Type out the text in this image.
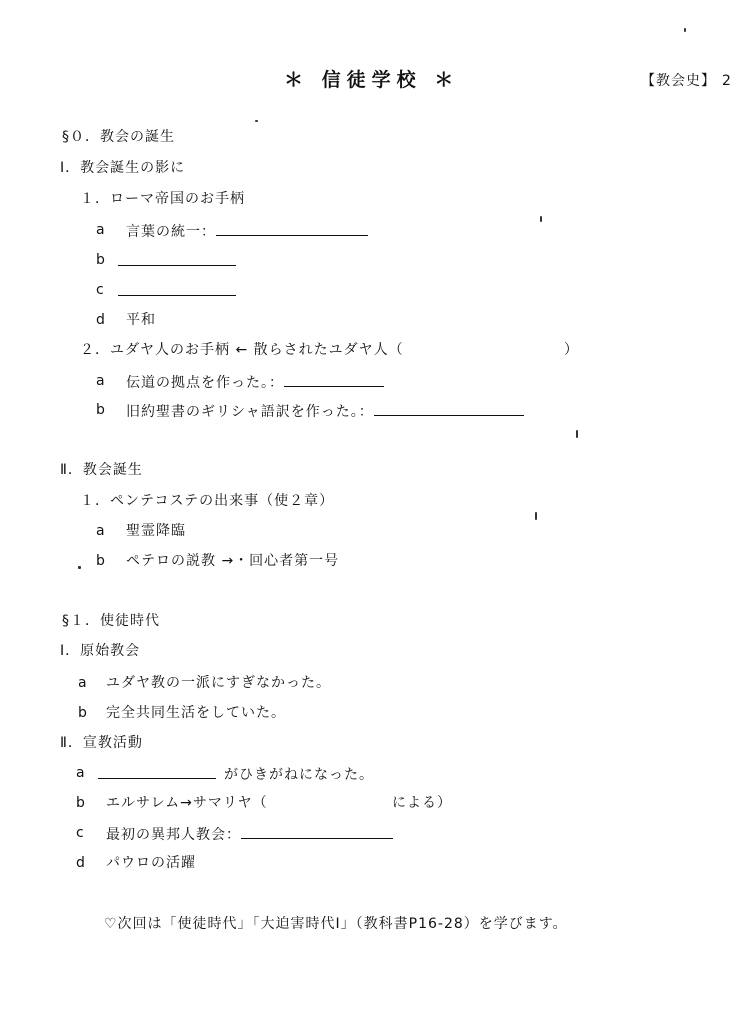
＊ 信徒学校 ＊	【教会史】 2
§０．教会の誕生
Ⅰ．教会誕生の影に
１．ローマ帝国のお手柄
a 言葉の統一：
b
c
d 平和
２．ユダヤ人のお手柄 ← 散らされたユダヤ人（	）
a 伝道の拠点を作った。：
b 旧約聖書のギリシャ語訳を作った。：
Ⅱ．教会誕生
１．ペンテコステの出来事（使２章）
a 聖霊降臨
b ペテロの説教 →・回心者第一号
§１．使徒時代
Ⅰ．原始教会
a ユダヤ教の一派にすぎなかった。
b 完全共同生活をしていた。
Ⅱ．宣教活動
a	がひきがねになった。
b エルサレム→サマリヤ（	による）
c 最初の異邦人教会：
d パウロの活躍
♡次回は「使徒時代」「大迫害時代Ⅰ」（教科書P16-28）を学びます。
